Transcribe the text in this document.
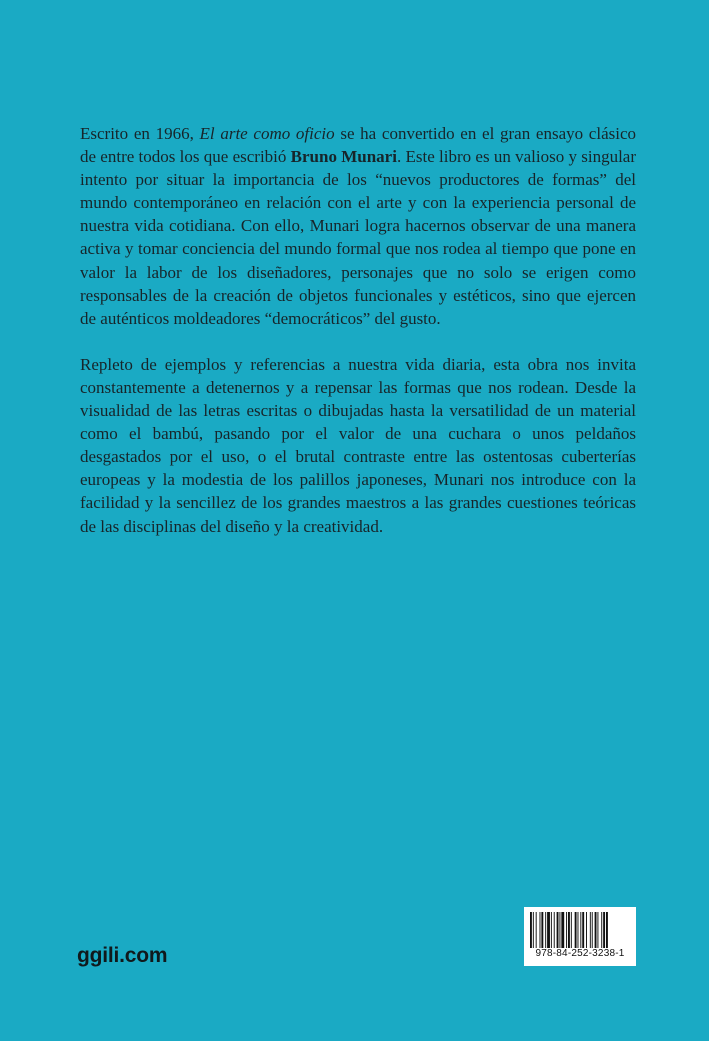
Escrito en 1966, El arte como oficio se ha convertido en el gran ensayo clásico de entre todos los que escribió Bruno Munari. Este libro es un valioso y singular intento por situar la importancia de los “nuevos productores de formas” del mundo contemporáneo en relación con el arte y con la experiencia personal de nuestra vida cotidiana. Con ello, Munari logra hacernos observar de una manera activa y tomar conciencia del mundo formal que nos rodea al tiempo que pone en valor la labor de los diseñadores, personajes que no solo se erigen como responsables de la creación de objetos funcionales y estéticos, sino que ejercen de auténticos moldeadores “democráticos” del gusto.

Repleto de ejemplos y referencias a nuestra vida diaria, esta obra nos invita constantemente a detenernos y a repensar las formas que nos rodean. Desde la visualidad de las letras escritas o dibujadas hasta la versatilidad de un material como el bambú, pasando por el valor de una cuchara o unos peldaños desgastados por el uso, o el brutal contraste entre las ostentosas cuberterías europeas y la modestia de los palillos japoneses, Munari nos introduce con la facilidad y la sencillez de los grandes maestros a las grandes cuestiones teóricas de las disciplinas del diseño y la creatividad.

ggili.com	978-84-252-3238-1
